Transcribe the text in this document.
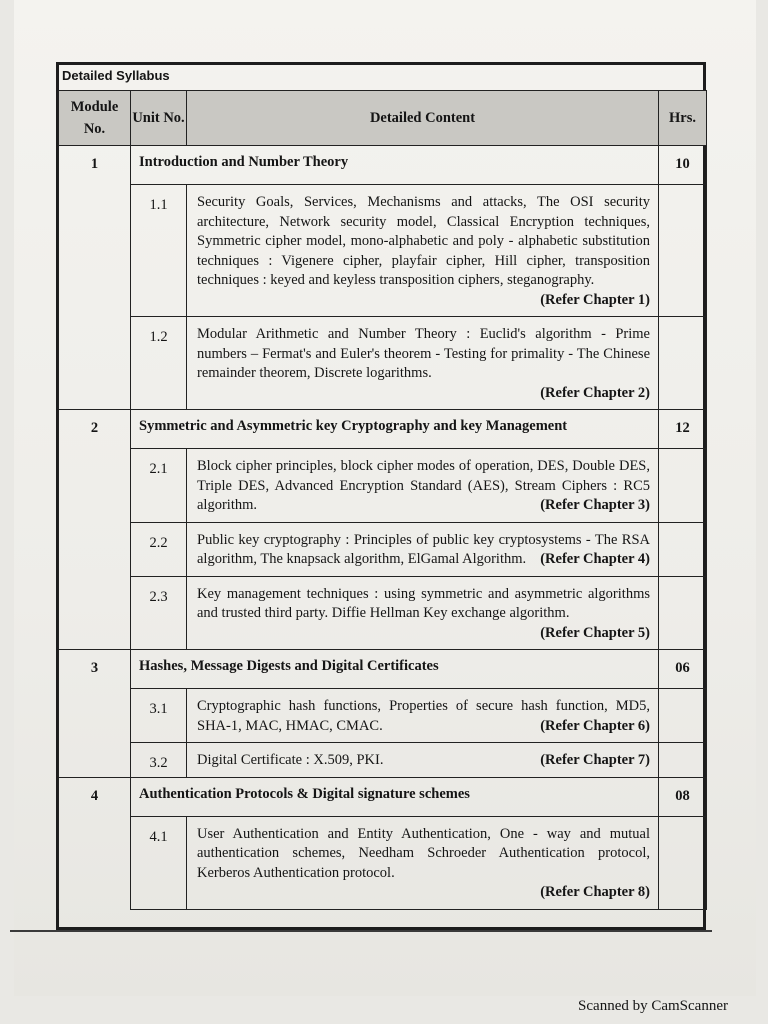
Detailed Syllabus
Module No.	Unit No.	Detailed Content	Hrs.
1	Introduction and Number Theory		10
	1.1	Security Goals, Services, Mechanisms and attacks, The OSI security architecture, Network security model, Classical Encryption techniques, Symmetric cipher model, mono-alphabetic and poly - alphabetic substitution techniques : Vigenere cipher, playfair cipher, Hill cipher, transposition techniques : keyed and keyless transposition ciphers, steganography.
(Refer Chapter 1)	

	1.2	Modular Arithmetic and Number Theory : Euclid's algorithm - Prime numbers – Fermat's and Euler's theorem - Testing for primality - The Chinese remainder theorem, Discrete logarithms.
(Refer Chapter 2)	

2	Symmetric and Asymmetric key Cryptography and key Management		12
	2.1	Block cipher principles, block cipher modes of operation, DES, Double DES, Triple DES, Advanced Encryption Standard (AES), Stream Ciphers : RC5 algorithm. (Refer Chapter 3)	

	2.2	Public key cryptography : Principles of public key cryptosystems - The RSA algorithm, The knapsack algorithm, ElGamal Algorithm. (Refer Chapter 4)	

	2.3	Key management techniques : using symmetric and asymmetric algorithms and trusted third party. Diffie Hellman Key exchange algorithm.
(Refer Chapter 5)	

3	Hashes, Message Digests and Digital Certificates		06
	3.1	Cryptographic hash functions, Properties of secure hash function, MD5, SHA-1, MAC, HMAC, CMAC. (Refer Chapter 6)	

	3.2	Digital Certificate : X.509, PKI. (Refer Chapter 7)	

4	Authentication Protocols & Digital signature schemes		08
	4.1	User Authentication and Entity Authentication, One - way and mutual authentication schemes, Needham Schroeder Authentication protocol, Kerberos Authentication protocol.
(Refer Chapter 8)	

Scanned by CamScanner
